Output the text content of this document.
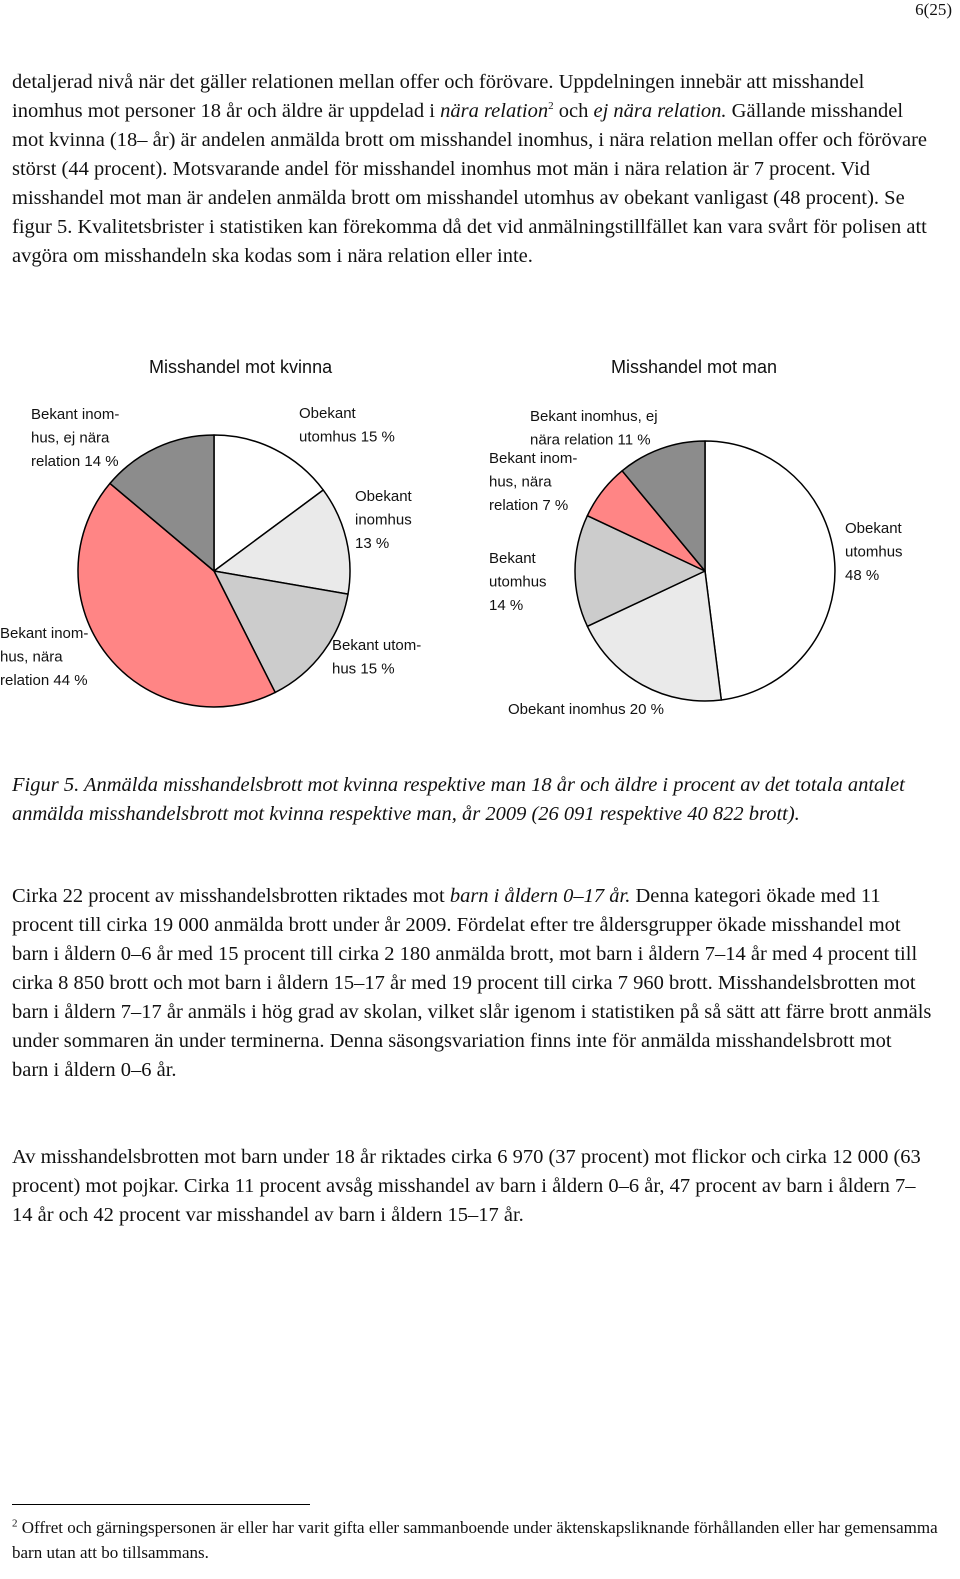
6(25)

detaljerad nivå när det gäller relationen mellan offer och förövare. Uppdelningen innebär att misshandel inomhus mot personer 18 år och äldre är uppdelad i nära relation$^2$ och ej nära relation. Gällande misshandel mot kvinna (18– år) är andelen anmälda brott om misshandel inomhus, i nära relation mellan offer och förövare störst (44 procent). Motsvarande andel för misshandel inomhus mot män i nära relation är 7 procent. Vid misshandel mot man är andelen anmälda brott om misshandel utomhus av obekant vanligast (48 procent). Se figur 5. Kvalitetsbrister i statistiken kan förekomma då det vid anmälningstillfället kan vara svårt för polisen att avgöra om misshandeln ska kodas som i nära relation eller inte.

Misshandel mot kvinna	Misshandel mot man
Obekant utomhus 15 %
Obekant inomhus 13 %
Bekant utom-hus 15 %
Bekant inom-hus, nära relation 44 %
Bekant inom-hus, ej nära relation 14 %
Obekant utomhus 48 %
Obekant inomhus 20 %
Bekant utomhus 14 %
Bekant inom-hus, nära relation 7 %
Bekant inomhus, ej nära relation 11 %

Figur 5. Anmälda misshandelsbrott mot kvinna respektive man 18 år och äldre i procent av det totala antalet anmälda misshandelsbrott mot kvinna respektive man, år 2009 (26 091 respektive 40 822 brott).

Cirka 22 procent av misshandelsbrotten riktades mot barn i åldern 0–17 år. Denna kategori ökade med 11 procent till cirka 19 000 anmälda brott under år 2009. Fördelat efter tre åldersgrupper ökade misshandel mot barn i åldern 0–6 år med 15 procent till cirka 2 180 anmälda brott, mot barn i åldern 7–14 år med 4 procent till cirka 8 850 brott och mot barn i åldern 15–17 år med 19 procent till cirka 7 960 brott. Misshandelsbrotten mot barn i åldern 7–17 år anmäls i hög grad av skolan, vilket slår igenom i statistiken på så sätt att färre brott anmäls under sommaren än under terminerna. Denna säsongsvariation finns inte för anmälda misshandelsbrott mot barn i åldern 0–6 år.

Av misshandelsbrotten mot barn under 18 år riktades cirka 6 970 (37 procent) mot flickor och cirka 12 000 (63 procent) mot pojkar. Cirka 11 procent avsåg misshandel av barn i åldern 0–6 år, 47 procent av barn i åldern 7–14 år och 42 procent var misshandel av barn i åldern 15–17 år.

$^2$ Offret och gärningspersonen är eller har varit gifta eller sammanboende under äktenskapsliknande förhållanden eller har gemensamma barn utan att bo tillsammans.
